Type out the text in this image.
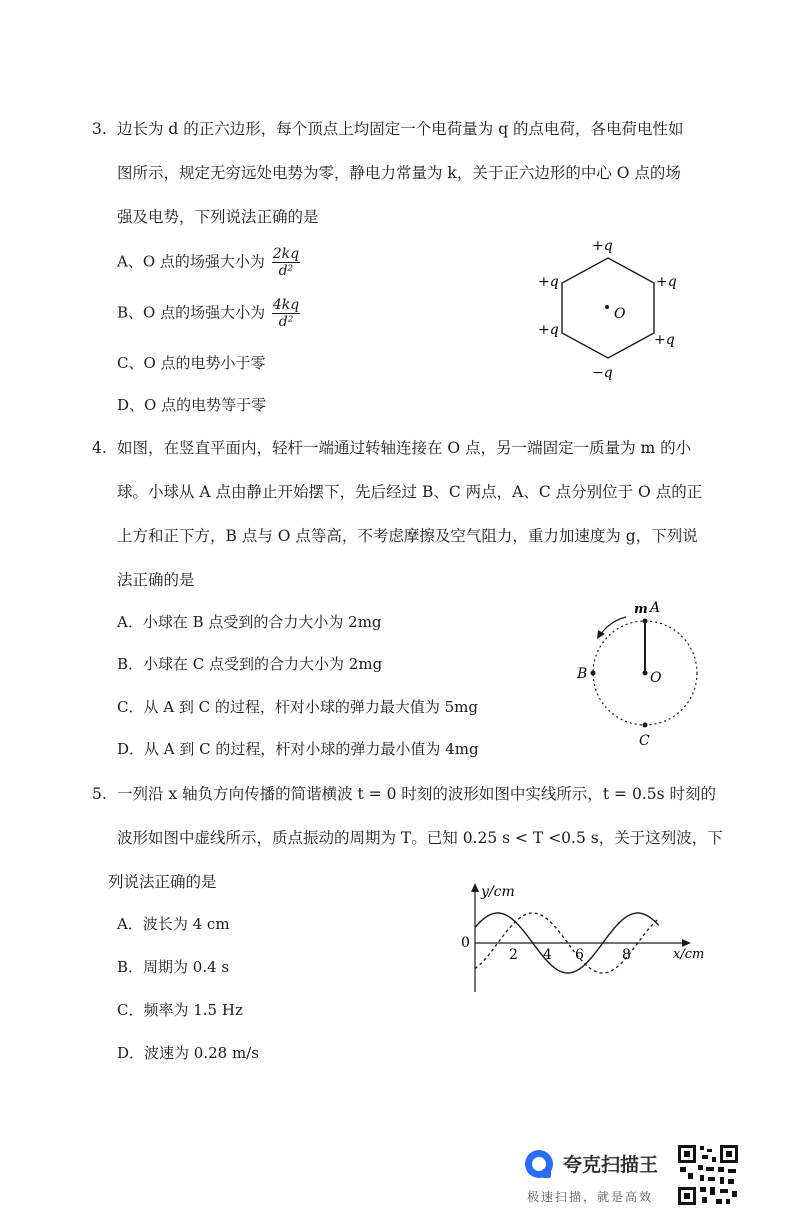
3. 边长为 d 的正六边形，每个顶点上均固定一个电荷量为 q 的点电荷，各电荷电性如
图所示，规定无穷远处电势为零，静电力常量为 k，关于正六边形的中心 O 点的场
强及电势，下列说法正确的是
A、O 点的场强大小为 $\frac{2kq}{\text{d²}}$
B、O 点的场强大小为 $\frac{4kq}{\text{d²}}$
C、O 点的电势小于零
D、O 点的电势等于零
O
+q
+q	+q
+q
+q
−q
4. 如图，在竖直平面内，轻杆一端通过转轴连接在 O 点，另一端固定一质量为 m 的小
球。小球从 A 点由静止开始摆下，先后经过 B、C 两点，A、C 点分别位于 O 点的正
上方和正下方，B 点与 O 点等高，不考虑摩擦及空气阻力，重力加速度为 g，下列说
法正确的是
A．小球在 B 点受到的合力大小为 2mg
B．小球在 C 点受到的合力大小为 2mg
C．从 A 到 C 的过程，杆对小球的弹力最大值为 5mg
D．从 A 到 C 的过程，杆对小球的弹力最小值为 4mg
m A
B	O
C
5. 一列沿 x 轴负方向传播的简谐横波 t = 0 时刻的波形如图中实线所示，t = 0.5s 时刻的
波形如图中虚线所示，质点振动的周期为 T。已知 0.25 s < T <0.5 s，关于这列波，下
列说法正确的是
A．波长为 4 cm
B．周期为 0.4 s
C．频率为 1.5 Hz
D．波速为 0.28 m/s
y/cm
x/cm
0
2 4 6	8
夸克扫描王
极速扫描，就是高效
